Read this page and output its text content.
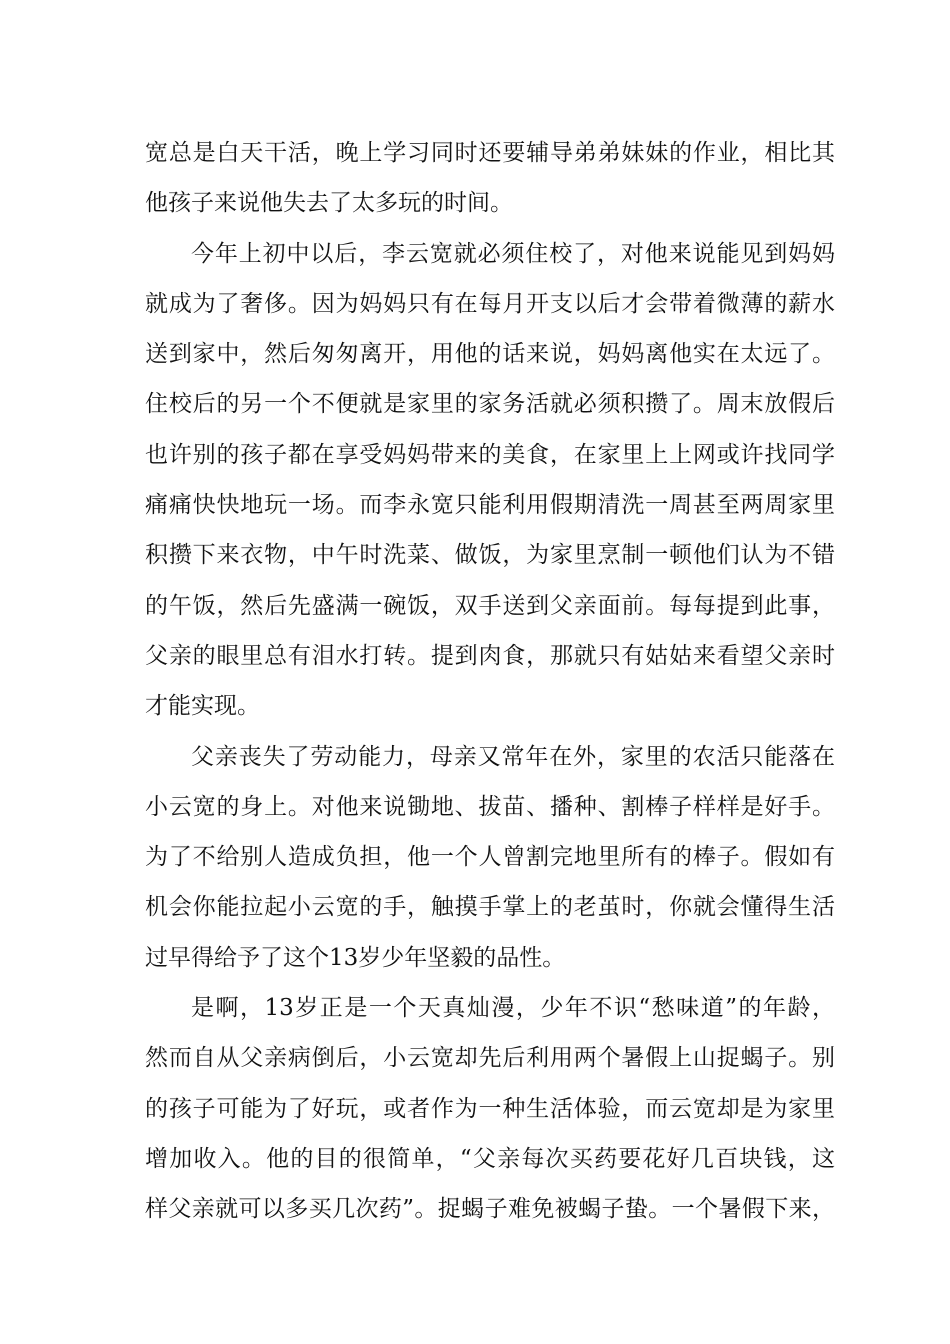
宽总是白天干活，晚上学习同时还要辅导弟弟妹妹的作业，相比其
他孩子来说他失去了太多玩的时间。
今年上初中以后，李云宽就必须住校了，对他来说能见到妈妈
就成为了奢侈。因为妈妈只有在每月开支以后才会带着微薄的薪水
送到家中，然后匆匆离开，用他的话来说，妈妈离他实在太远了。
住校后的另一个不便就是家里的家务活就必须积攒了。周末放假后
也许别的孩子都在享受妈妈带来的美食，在家里上上网或许找同学
痛痛快快地玩一场。而李永宽只能利用假期清洗一周甚至两周家里
积攒下来衣物，中午时洗菜、做饭，为家里烹制一顿他们认为不错
的午饭，然后先盛满一碗饭，双手送到父亲面前。每每提到此事，
父亲的眼里总有泪水打转。提到肉食，那就只有姑姑来看望父亲时
才能实现。
父亲丧失了劳动能力，母亲又常年在外，家里的农活只能落在
小云宽的身上。对他来说锄地、拔苗、播种、割棒子样样是好手。
为了不给别人造成负担，他一个人曾割完地里所有的棒子。假如有
机会你能拉起小云宽的手，触摸手掌上的老茧时，你就会懂得生活
过早得给予了这个13岁少年坚毅的品性。
是啊，13岁正是一个天真灿漫，少年不识“愁味道”的年龄，
然而自从父亲病倒后，小云宽却先后利用两个暑假上山捉蝎子。别
的孩子可能为了好玩，或者作为一种生活体验，而云宽却是为家里
增加收入。他的目的很简单，“父亲每次买药要花好几百块钱，这
样父亲就可以多买几次药”。捉蝎子难免被蝎子蛰。一个暑假下来，
